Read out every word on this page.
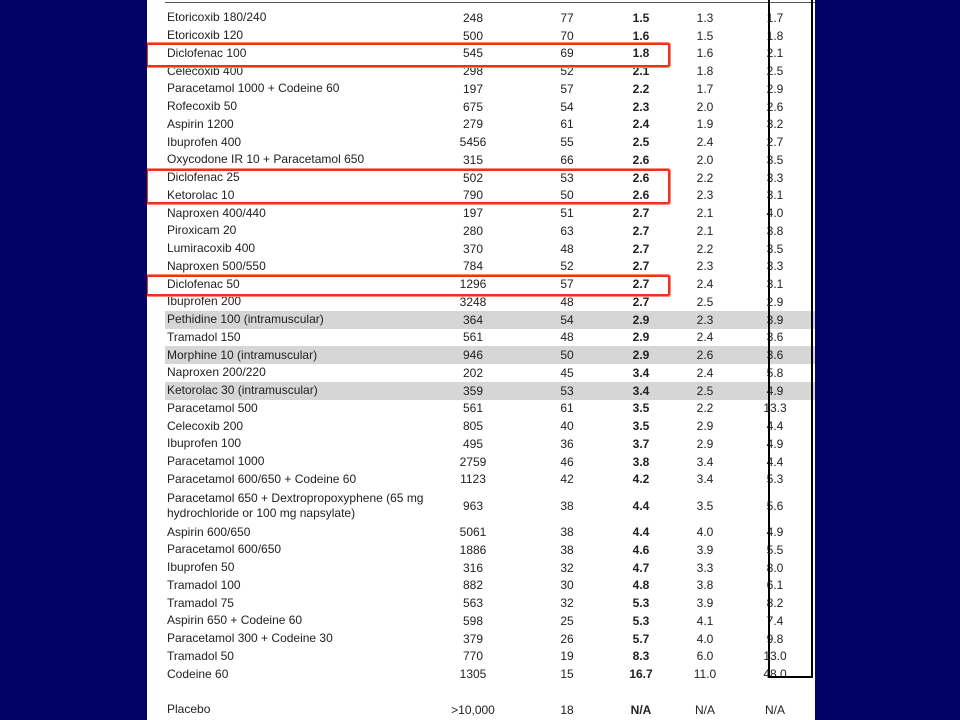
Etoricoxib 180/240	248	77	1.5	1.3	1.7
Etoricoxib 120	500	70	1.6	1.5	1.8
Diclofenac 100	545	69	1.8	1.6	2.1
Celecoxib 400	298	52	2.1	1.8	2.5
Paracetamol 1000 + Codeine 60	197	57	2.2	1.7	2.9
Rofecoxib 50	675	54	2.3	2.0	2.6
Aspirin 1200	279	61	2.4	1.9	3.2
Ibuprofen 400	5456	55	2.5	2.4	2.7
Oxycodone IR 10 + Paracetamol 650	315	66	2.6	2.0	3.5
Diclofenac 25	502	53	2.6	2.2	3.3
Ketorolac 10	790	50	2.6	2.3	3.1
Naproxen 400/440	197	51	2.7	2.1	4.0
Piroxicam 20	280	63	2.7	2.1	3.8
Lumiracoxib 400	370	48	2.7	2.2	3.5
Naproxen 500/550	784	52	2.7	2.3	3.3
Diclofenac 50	1296	57	2.7	2.4	3.1
Ibuprofen 200	3248	48	2.7	2.5	2.9
Pethidine 100 (intramuscular)	364	54	2.9	2.3	3.9
Tramadol 150	561	48	2.9	2.4	3.6
Morphine 10 (intramuscular)	946	50	2.9	2.6	3.6
Naproxen 200/220	202	45	3.4	2.4	5.8
Ketorolac 30 (intramuscular)	359	53	3.4	2.5	4.9
Paracetamol 500	561	61	3.5	2.2	13.3
Celecoxib 200	805	40	3.5	2.9	4.4
Ibuprofen 100	495	36	3.7	2.9	4.9
Paracetamol 1000	2759	46	3.8	3.4	4.4
Paracetamol 600/650 + Codeine 60	1123	42	4.2	3.4	5.3
Paracetamol 650 + Dextropropoxyphene (65 mg hydrochloride or 100 mg napsylate)	963	38	4.4	3.5	5.6
Aspirin 600/650	5061	38	4.4	4.0	4.9
Paracetamol 600/650	1886	38	4.6	3.9	5.5
Ibuprofen 50	316	32	4.7	3.3	8.0
Tramadol 100	882	30	4.8	3.8	6.1
Tramadol 75	563	32	5.3	3.9	8.2
Aspirin 650 + Codeine 60	598	25	5.3	4.1	7.4
Paracetamol 300 + Codeine 30	379	26	5.7	4.0	9.8
Tramadol 50	770	19	8.3	6.0	13.0
Codeine 60	1305	15	16.7	11.0	48.0
Placebo	>10,000	18	N/A	N/A	N/A
